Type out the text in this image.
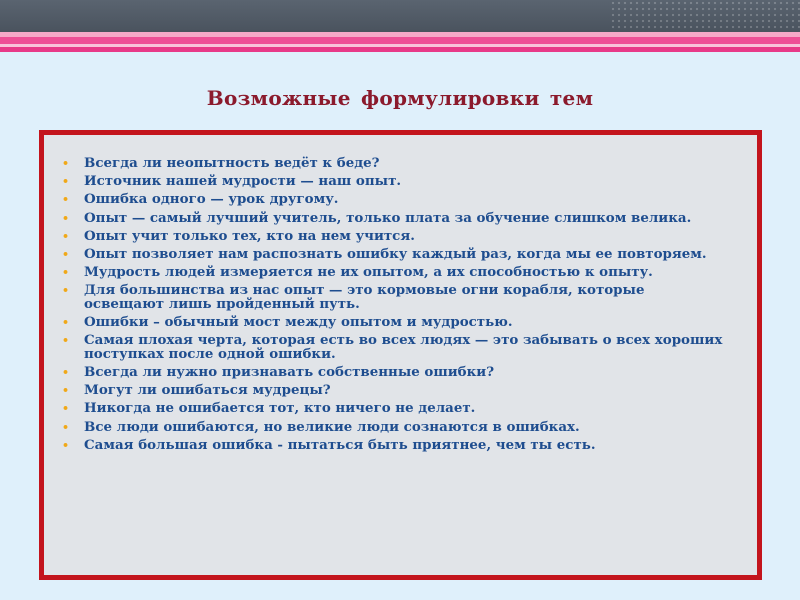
Возможные формулировки тем
• Всегда ли неопытность ведёт к беде?
• Источник нашей мудрости — наш опыт.
• Ошибка одного — урок другому.
• Опыт — самый лучший учитель, только плата за обучение слишком велика.
• Опыт учит только тех, кто на нем учится.
• Опыт позволяет нам распознать ошибку каждый раз, когда мы ее повторяем.
• Мудрость людей измеряется не их опытом, а их способностью к опыту.
• Для большинства из нас опыт — это кормовые огни корабля, которые освещают лишь пройденный путь.
• Ошибки – обычный мост между опытом и мудростью.
• Самая плохая черта, которая есть во всех людях — это забывать о всех хороших поступках после одной ошибки.
• Всегда ли нужно признавать собственные ошибки?
• Могут ли ошибаться мудрецы?
• Никогда не ошибается тот, кто ничего не делает.
• Все люди ошибаются, но великие люди сознаются в ошибках.
• Самая большая ошибка - пытаться быть приятнее, чем ты есть.
